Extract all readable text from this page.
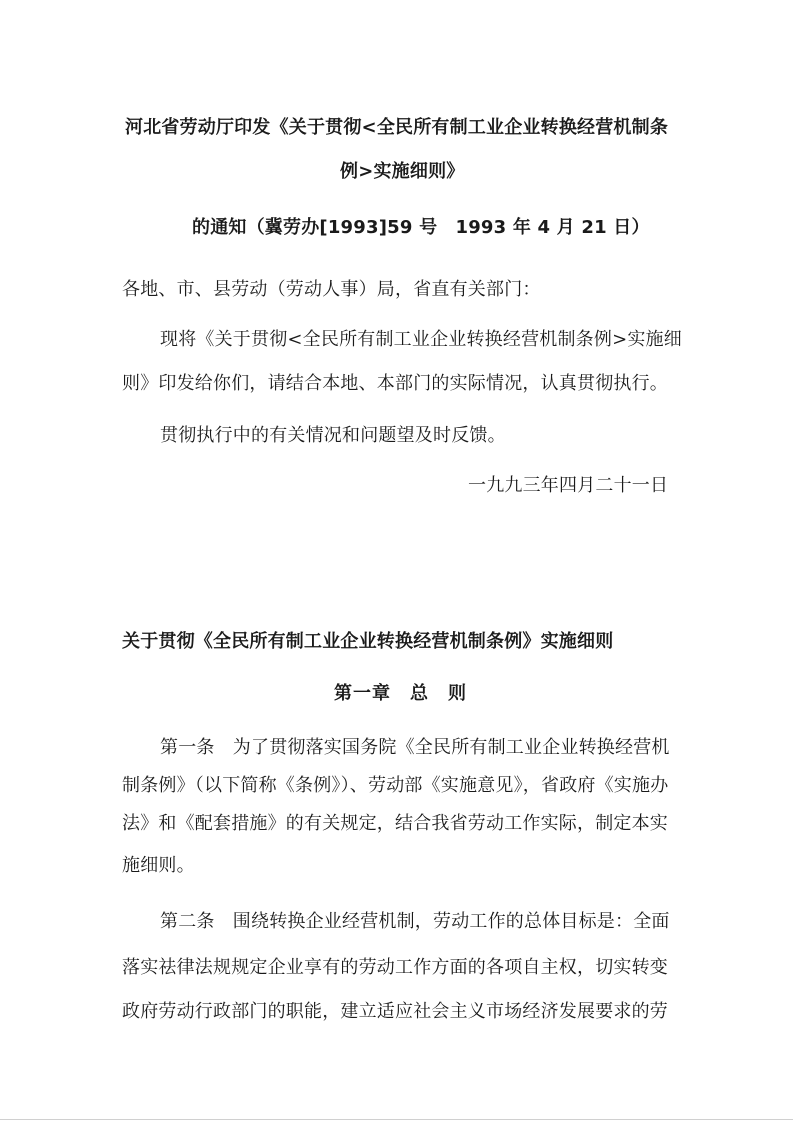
河北省劳动厅印发《关于贯彻<全民所有制工业企业转换经营机制条
例>实施细则》
的通知（冀劳办[1993]59 号　1993 年 4 月 21 日）
各地、市、县劳动（劳动人事）局，省直有关部门：
现将《关于贯彻<全民所有制工业企业转换经营机制条例>实施细
则》印发给你们，请结合本地、本部门的实际情况，认真贯彻执行。
贯彻执行中的有关情况和问题望及时反馈。
一九九三年四月二十一日
关于贯彻《全民所有制工业企业转换经营机制条例》实施细则
第一章　总　则
第一条　为了贯彻落实国务院《全民所有制工业企业转换经营机
制条例》（以下简称《条例》）、劳动部《实施意见》，省政府《实施办
法》和《配套措施》的有关规定，结合我省劳动工作实际，制定本实
施细则。
第二条　围绕转换企业经营机制，劳动工作的总体目标是：全面
落实祛律法规规定企业享有的劳动工作方面的各项自主权，切实转变
政府劳动行政部门的职能，建立适应社会主义市场经济发展要求的劳
